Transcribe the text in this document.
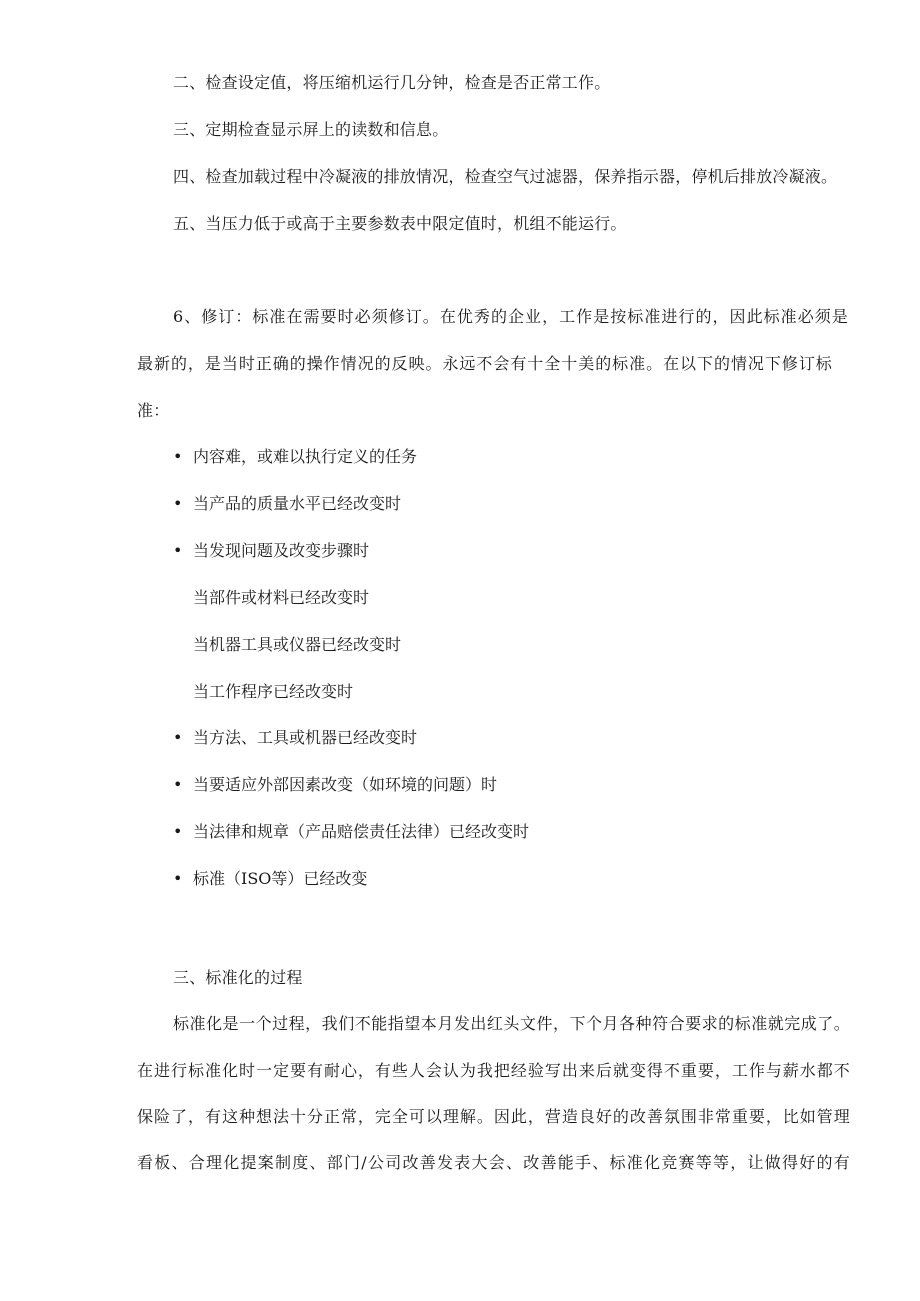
二、检查设定值，将压缩机运行几分钟，检查是否正常工作。
三、定期检查显示屏上的读数和信息。
四、检查加载过程中冷凝液的排放情况，检查空气过滤器，保养指示器，停机后排放冷凝液。
五、当压力低于或高于主要参数表中限定值时，机组不能运行。
6、修订：标准在需要时必须修订。在优秀的企业，工作是按标准进行的，因此标准必须是
最新的，是当时正确的操作情况的反映。永远不会有十全十美的标准。在以下的情况下修订标
准：
• 内容难，或难以执行定义的任务
• 当产品的质量水平已经改变时
• 当发现问题及改变步骤时
当部件或材料已经改变时
当机器工具或仪器已经改变时
当工作程序已经改变时
• 当方法、工具或机器已经改变时
• 当要适应外部因素改变（如环境的问题）时
• 当法律和规章（产品赔偿责任法律）已经改变时
• 标准（ISO等）已经改变
三、标准化的过程
标准化是一个过程，我们不能指望本月发出红头文件，下个月各种符合要求的标准就完成了。
在进行标准化时一定要有耐心，有些人会认为我把经验写出来后就变得不重要，工作与薪水都不
保险了，有这种想法十分正常，完全可以理解。因此，营造良好的改善氛围非常重要，比如管理
看板、合理化提案制度、部门/公司改善发表大会、改善能手、标准化竞赛等等，让做得好的有
